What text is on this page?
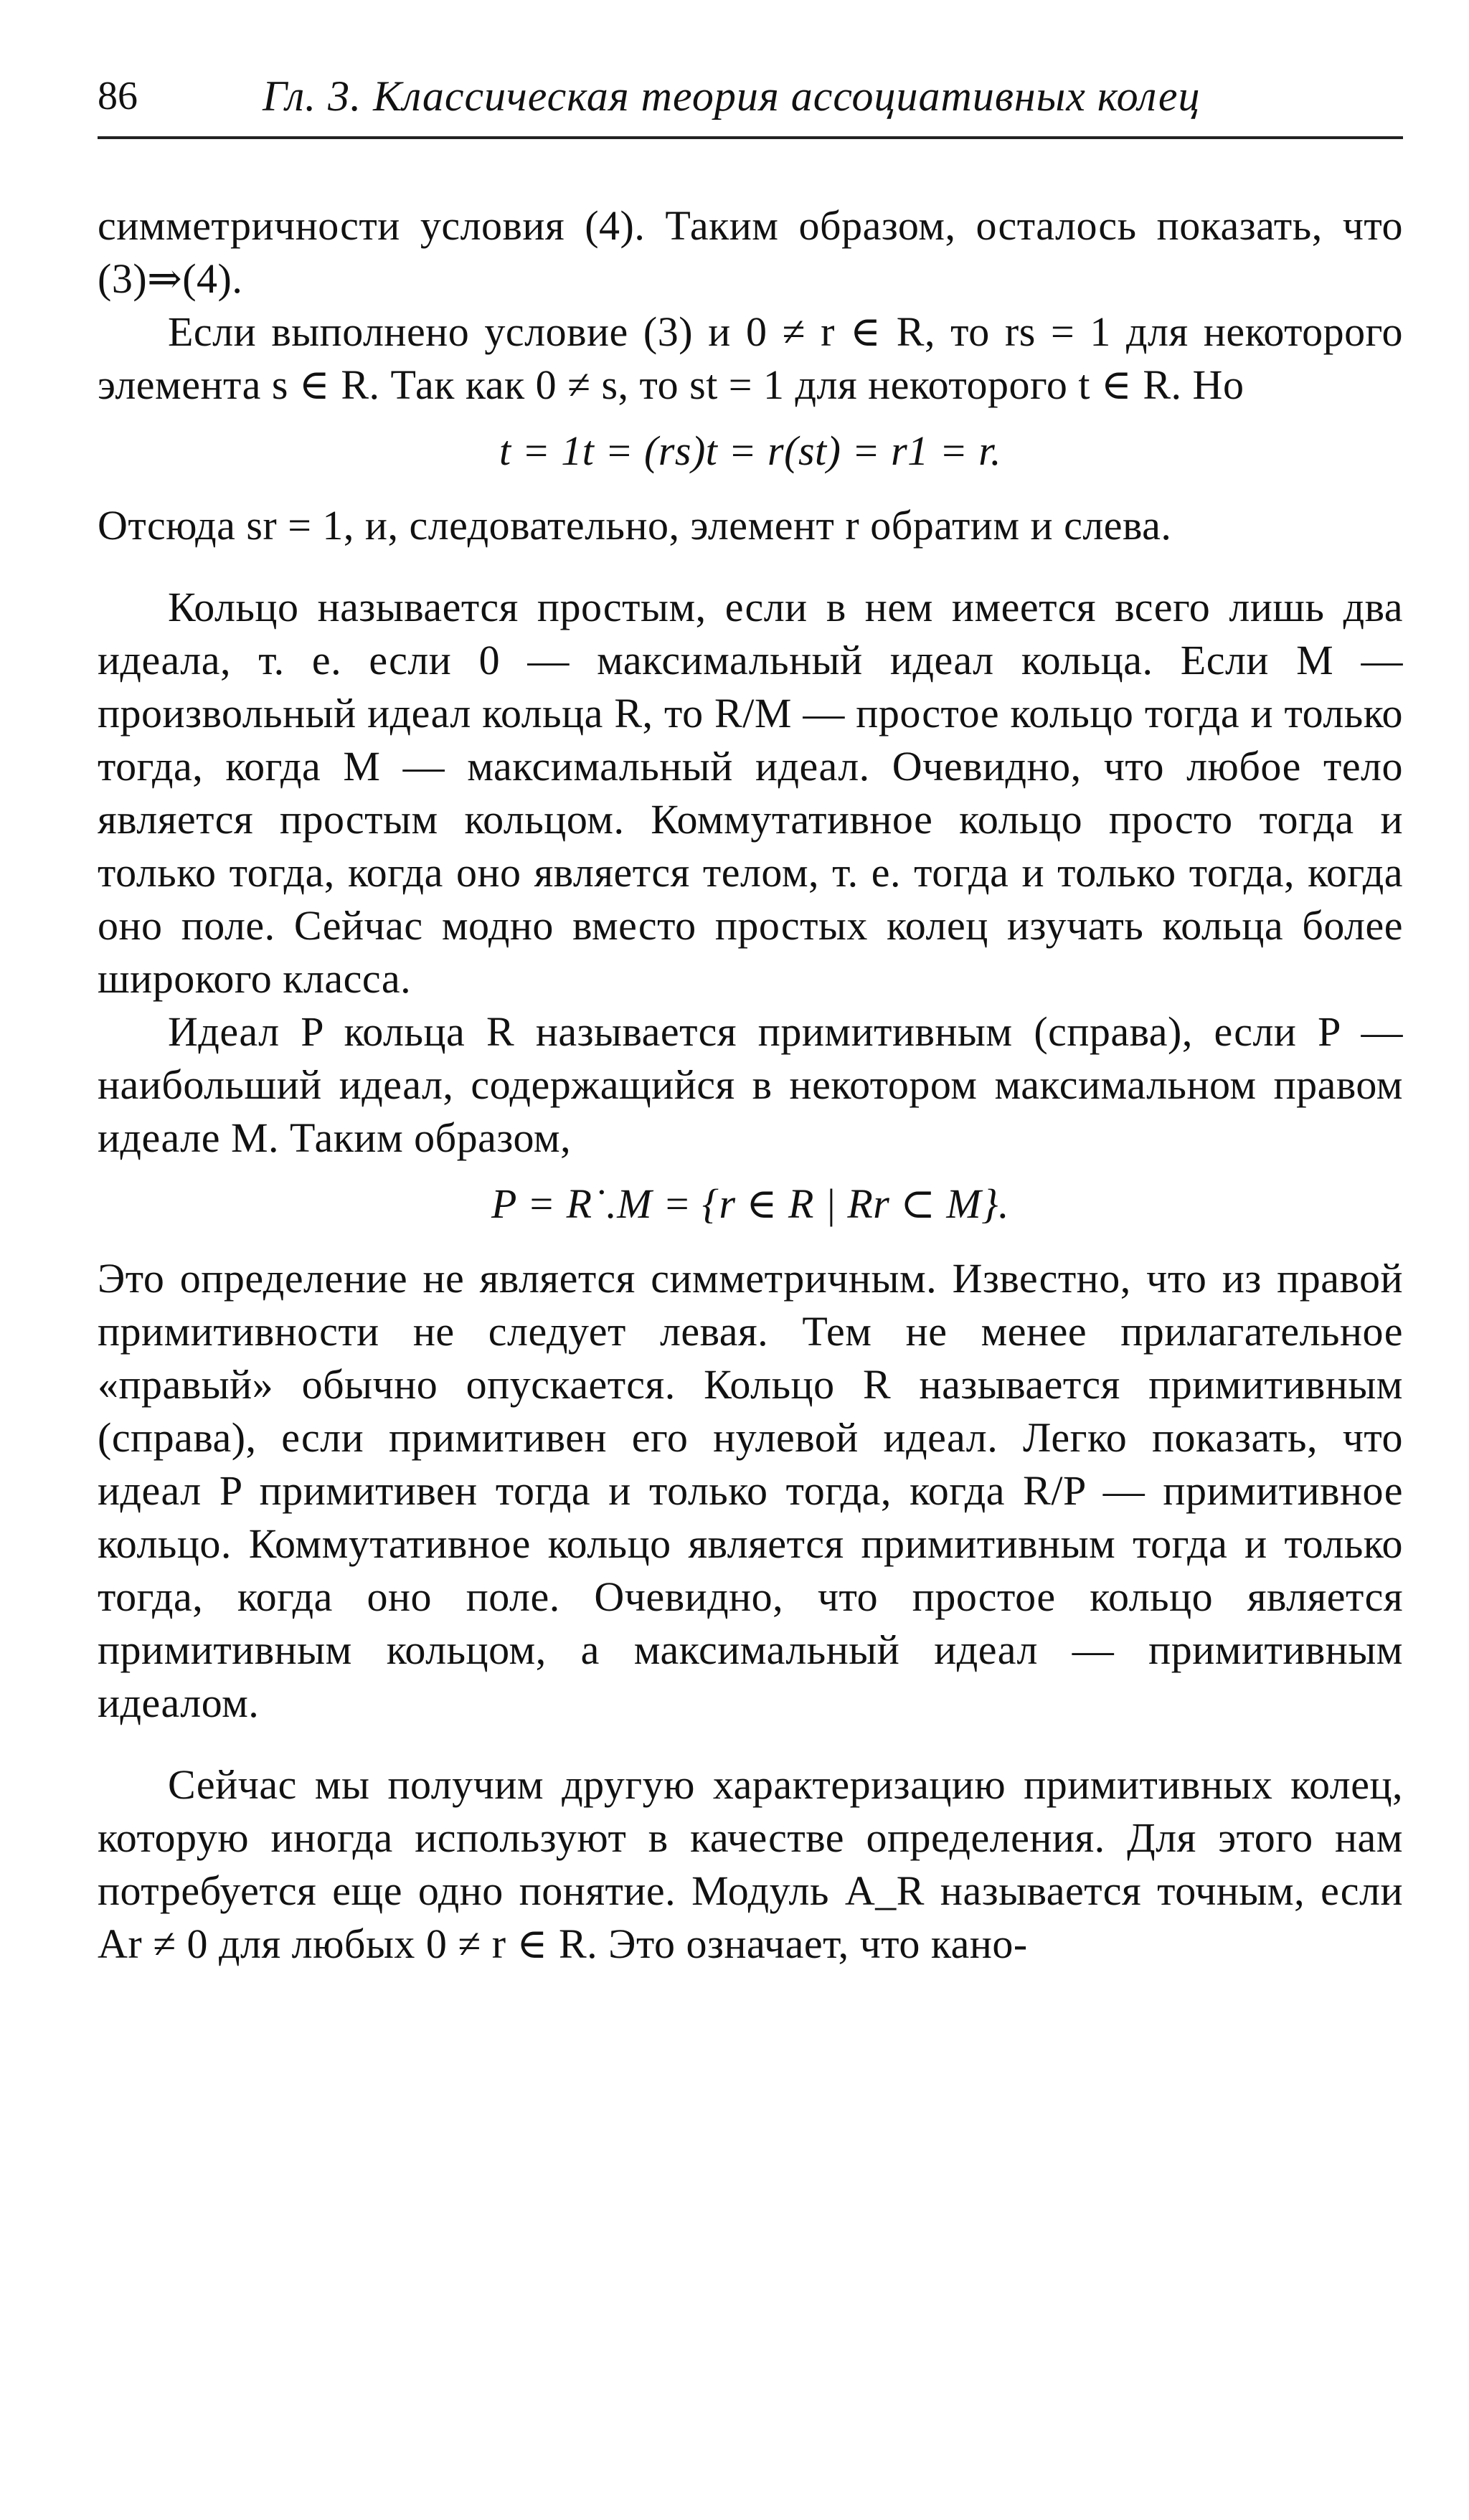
86	Гл. 3. Классическая теория ассоциативных колец

симметричности условия (4). Таким образом, осталось показать, что (3)⇒(4).

Если выполнено условие (3) и 0 ≠ r ∈ R, то rs = 1 для некоторого элемента s ∈ R. Так как 0 ≠ s, то st = 1 для некоторого t ∈ R. Но

t = 1t = (rs)t = r(st) = r1 = r.

Отсюда sr = 1, и, следовательно, элемент r обратим и слева.

Кольцо называется простым, если в нем имеется всего лишь два идеала, т. е. если 0 — максимальный идеал кольца. Если M — произвольный идеал кольца R, то R/M — простое кольцо тогда и только тогда, когда M — максимальный идеал. Очевидно, что любое тело является простым кольцом. Коммутативное кольцо просто тогда и только тогда, когда оно является телом, т. е. тогда и только тогда, когда оно поле. Сейчас модно вместо простых колец изучать кольца более широкого класса.

Идеал P кольца R называется примитивным (справа), если P — наибольший идеал, содержащийся в некотором максимальном правом идеале M. Таким образом,

P = R˙.M = {r ∈ R | Rr ⊂ M}.

Это определение не является симметричным. Известно, что из правой примитивности не следует левая. Тем не менее прилагательное «правый» обычно опускается. Кольцо R называется примитивным (справа), если примитивен его нулевой идеал. Легко показать, что идеал P примитивен тогда и только тогда, когда R/P — примитивное кольцо. Коммутативное кольцо является примитивным тогда и только тогда, когда оно поле. Очевидно, что простое кольцо является примитивным кольцом, а максимальный идеал — примитивным идеалом.

Сейчас мы получим другую характеризацию примитивных колец, которую иногда используют в качестве определения. Для этого нам потребуется еще одно понятие. Модуль A_R называется точным, если Ar ≠ 0 для любых 0 ≠ r ∈ R. Это означает, что кано-
